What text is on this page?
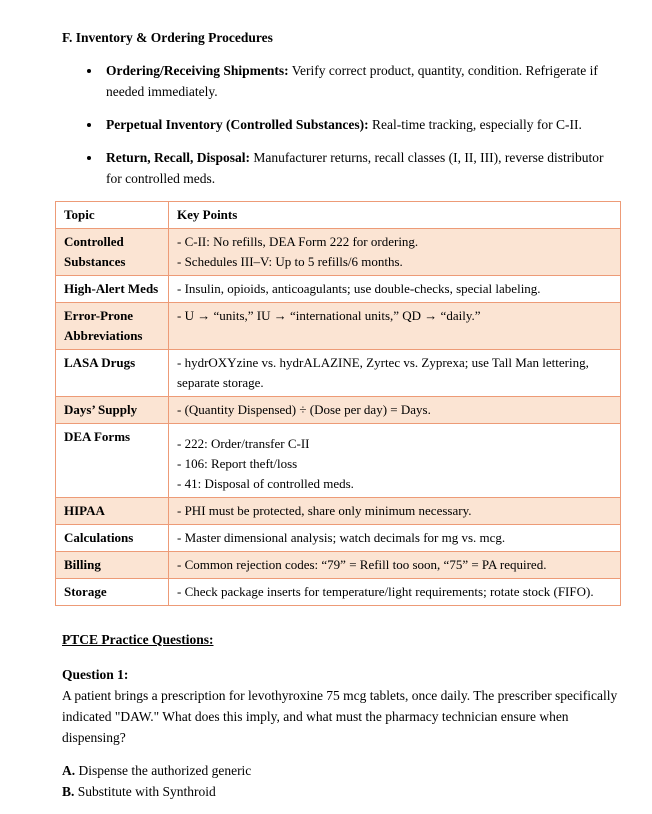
F. Inventory & Ordering Procedures

• Ordering/Receiving Shipments: Verify correct product, quantity, condition. Refrigerate if needed immediately.
• Perpetual Inventory (Controlled Substances): Real-time tracking, especially for C-II.
• Return, Recall, Disposal: Manufacturer returns, recall classes (I, II, III), reverse distributor for controlled meds.
Topic	Key Points
Controlled Substances	- C-II: No refills, DEA Form 222 for ordering.
- Schedules III–V: Up to 5 refills/6 months.

High-Alert Meds	- Insulin, opioids, anticoagulants; use double-checks, special labeling.

Error-Prone Abbreviations	- U → “units,” IU → “international units,” QD → “daily.”

LASA Drugs	- hydrOXYzine vs. hydrALAZINE, Zyrtec vs. Zyprexa; use Tall Man lettering, separate storage.

Days’ Supply	- (Quantity Dispensed) ÷ (Dose per day) = Days.

DEA Forms	- 222: Order/transfer C-II
- 106: Report theft/loss
- 41: Disposal of controlled meds.

HIPAA	- PHI must be protected, share only minimum necessary.

Calculations	- Master dimensional analysis; watch decimals for mg vs. mcg.

Billing	- Common rejection codes: “79” = Refill too soon, “75” = PA required.

Storage	- Check package inserts for temperature/light requirements; rotate stock (FIFO).

PTCE Practice Questions:

Question 1:

A patient brings a prescription for levothyroxine 75 mcg tablets, once daily. The prescriber specifically indicated "DAW." What does this imply, and what must the pharmacy technician ensure when dispensing?

A. Dispense the authorized generic
B. Substitute with Synthroid
